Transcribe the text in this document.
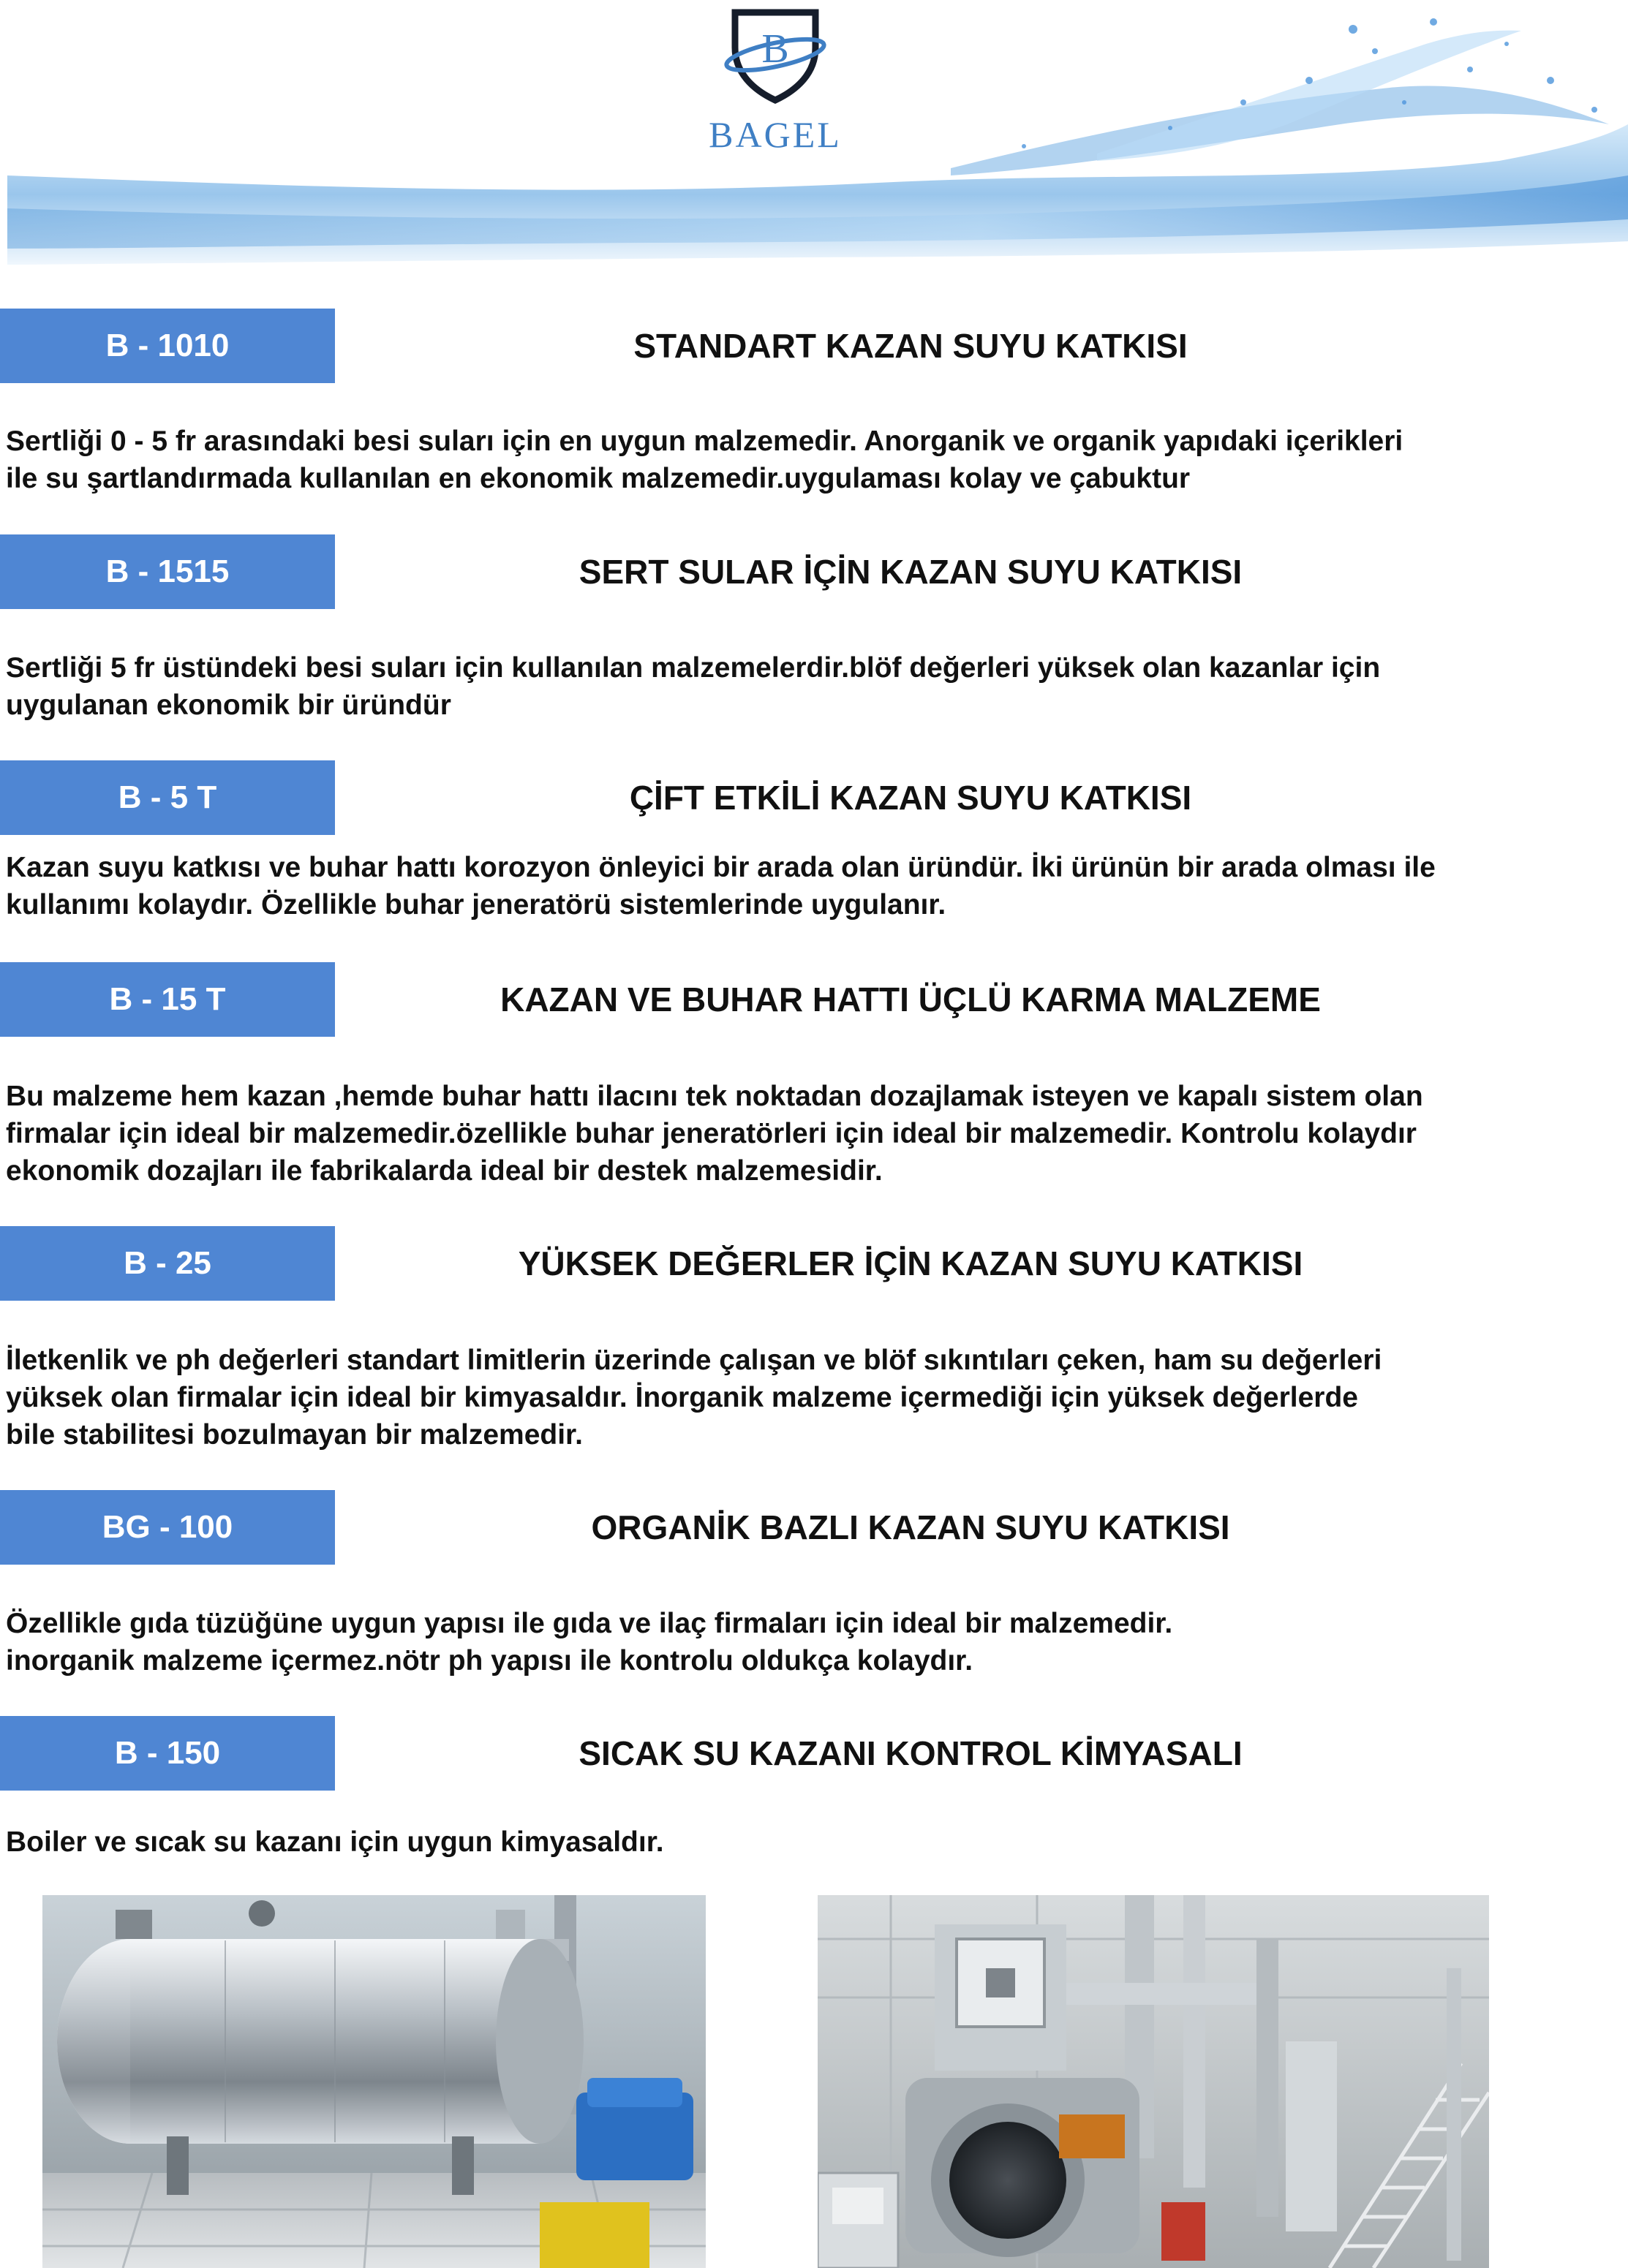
B
BAGEL
B - 1010	STANDART KAZAN SUYU KATKISI
Sertliği 0 - 5 fr arasındaki besi suları için en uygun malzemedir. Anorganik ve organik yapıdaki içerikleri
ile su şartlandırmada kullanılan en ekonomik malzemedir.uygulaması kolay ve çabuktur
B - 1515	SERT SULAR İÇİN KAZAN SUYU KATKISI
Sertliği 5 fr üstündeki besi suları için kullanılan malzemelerdir.blöf değerleri yüksek olan kazanlar için
uygulanan ekonomik bir üründür
B - 5 T	ÇİFT ETKİLİ KAZAN SUYU KATKISI
Kazan suyu katkısı ve buhar hattı korozyon önleyici bir arada olan üründür. İki ürünün bir arada olması ile
kullanımı kolaydır. Özellikle buhar jeneratörü sistemlerinde uygulanır.
B - 15 T	KAZAN VE BUHAR HATTI ÜÇLÜ KARMA MALZEME
Bu malzeme hem kazan ,hemde buhar hattı ilacını tek noktadan dozajlamak isteyen ve kapalı sistem olan
firmalar için ideal bir malzemedir.özellikle buhar jeneratörleri için ideal bir malzemedir. Kontrolu kolaydır
ekonomik dozajları ile fabrikalarda ideal bir destek malzemesidir.
B - 25	YÜKSEK DEĞERLER İÇİN KAZAN SUYU KATKISI
İletkenlik ve ph değerleri standart limitlerin üzerinde çalışan ve blöf sıkıntıları çeken, ham su değerleri
yüksek olan firmalar için ideal bir kimyasaldır. İnorganik malzeme içermediği için yüksek değerlerde
bile stabilitesi bozulmayan bir malzemedir.
BG - 100	ORGANİK BAZLI KAZAN SUYU KATKISI
Özellikle gıda tüzüğüne uygun yapısı ile gıda ve ilaç firmaları için ideal bir malzemedir.
inorganik malzeme içermez.nötr ph yapısı ile kontrolu oldukça kolaydır.
B - 150	SICAK SU KAZANI KONTROL KİMYASALI
Boiler ve sıcak su kazanı için uygun kimyasaldır.
